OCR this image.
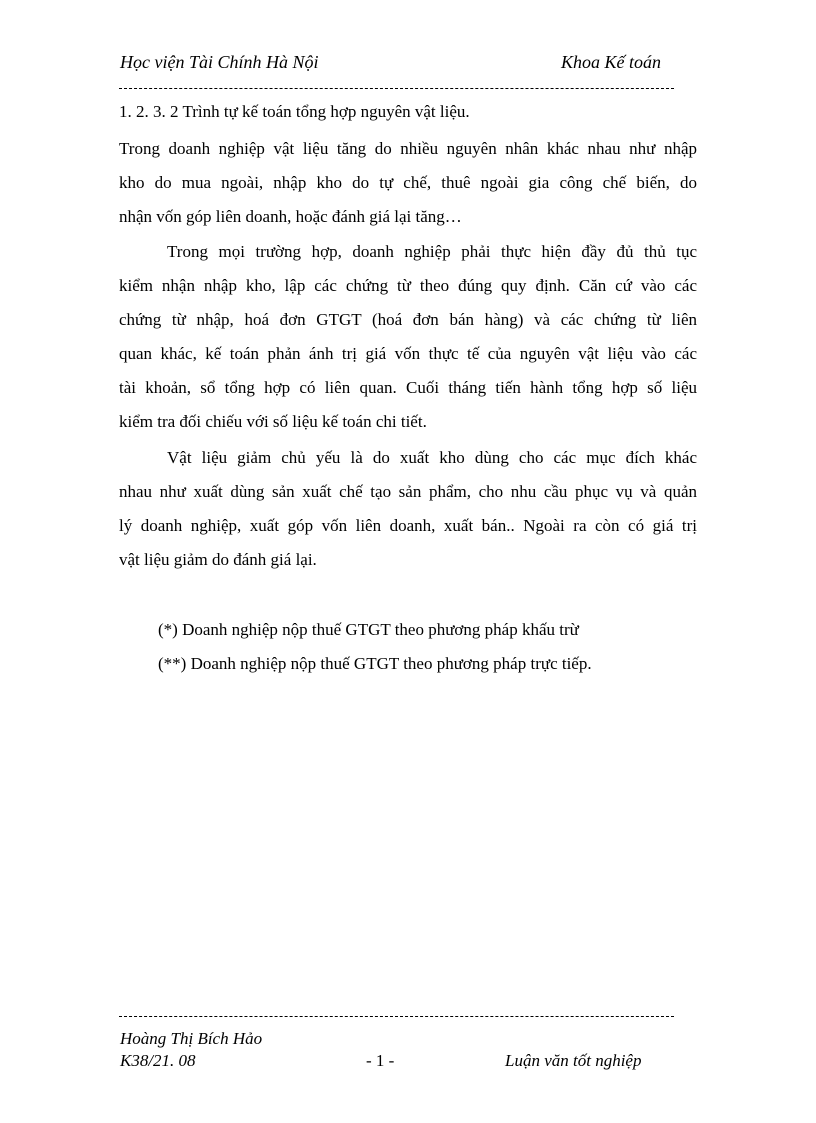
Học viện Tài Chính Hà Nội	Khoa Kế toán
1. 2. 3. 2 Trình tự kế toán tổng hợp nguyên vật liệu.
Trong doanh nghiệp vật liệu tăng do nhiều nguyên nhân khác nhau như nhập
kho do mua ngoài, nhập kho do tự chế, thuê ngoài gia công chế biến, do
nhận vốn góp liên doanh, hoặc đánh giá lại tăng…
Trong mọi trường hợp, doanh nghiệp phải thực hiện đầy đủ thủ tục
kiểm nhận nhập kho, lập các chứng từ theo đúng quy định. Căn cứ vào các
chứng từ nhập, hoá đơn GTGT (hoá đơn bán hàng) và các chứng từ liên
quan khác, kế toán phản ánh trị giá vốn thực tế của nguyên vật liệu vào các
tài khoản, sổ tổng hợp có liên quan. Cuối tháng tiến hành tổng hợp số liệu
kiểm tra đối chiếu với số liệu kế toán chi tiết.
Vật liệu giảm chủ yếu là do xuất kho dùng cho các mục đích khác
nhau như xuất dùng sản xuất chế tạo sản phẩm, cho nhu cầu phục vụ và quản
lý doanh nghiệp, xuất góp vốn liên doanh, xuất bán.. Ngoài ra còn có giá trị
vật liệu giảm do đánh giá lại.
(*) Doanh nghiệp nộp thuế GTGT theo phương pháp khấu trừ
(**) Doanh nghiệp nộp thuế GTGT theo phương pháp trực tiếp.
Hoàng Thị Bích Hảo
K38/21. 08	- 1 -	Luận văn tốt nghiệp
